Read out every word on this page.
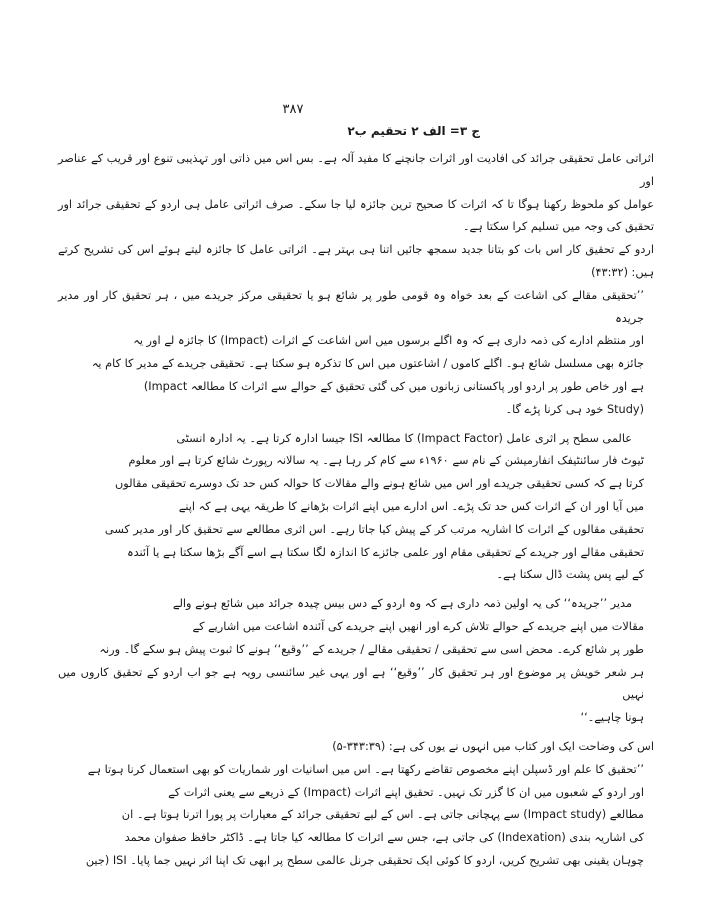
۳۸۷
ج ۳= الف ۲ ‌تحقیم ب۲

اثراتی عامل تحقیقی جرائد کی افادیت اور اثرات جانچنے کا مفید آلہ ہے۔ بس اس میں ذاتی اور تہذیبی تنوع اور قریب کے عناصر اور

عوامل کو ملحوظ رکھنا ہوگا تا کہ اثرات کا صحیح ترین جائزہ لیا جا سکے۔ صرف اثراتی عامل ہی اردو کے تحقیقی جرائد اور تحقیق کی وجہ میں تسلیم کرا سکتا ہے۔

اردو کے تحقیق کار اس بات کو بتانا جدید سمجھ جائیں اتنا ہی بہتر ہے۔ اثراتی عامل کا جائزہ لیتے ہوئے اس کی تشریح کرتے ہیں: (۴۳:۳۲)

’’تحقیقی مقالے کی اشاعت کے بعد خواہ وہ قومی طور پر شائع ہو یا تحقیقی مرکز جریدے میں ، ہر تحقیق کار اور مدیر جریدہ

اور منتظم ادارے کی ذمہ داری ہے کہ وہ اگلے برسوں میں اس اشاعت کے اثرات (Impact) کا جائزہ لے اور یہ

جائزہ بھی مسلسل شائع ہو۔ اگلے کاموں / اشاعتوں میں اس کا تذکرہ ہو سکتا ہے۔ تحقیقی جریدے کے مدیر کا کام یہ

ہے اور خاص طور پر اردو اور پاکستانی زبانوں میں کی گئی تحقیق کے حوالے سے اثرات کا مطالعہ Impact)

(Study خود ہی کرنا پڑے گا۔

عالمی سطح پر اثری عامل (Impact Factor) کا مطالعہ ISI جیسا ادارہ کرتا ہے۔ یہ ادارہ انسٹی

ٹیوٹ فار سائنٹیفک انفارمیشن کے نام سے ۱۹۶۰ء سے کام کر رہا ہے۔ یہ سالانہ رپورٹ شائع کرتا ہے اور معلوم

کرتا ہے کہ کسی تحقیقی جریدے اور اس میں شائع ہونے والے مقالات کا حوالہ کس حد تک دوسرے تحقیقی مقالوں

میں آیا اور ان کے اثرات کس حد تک پڑے۔ اس ادارے میں اپنے اثرات بڑھانے کا طریقہ یہی ہے کہ اپنے

تحقیقی مقالوں کے اثرات کا اشاریہ مرتب کر کے پیش کیا جاتا رہے۔ اس اثری مطالعے سے تحقیق کار اور مدیر کسی

تحقیقی مقالے اور جریدے کے تحقیقی مقام اور علمی جائزے کا اندازہ لگا سکتا ہے اسے آگے بڑھا سکتا ہے یا آئندہ

کے لیے پس پشت ڈال سکتا ہے۔

مدیر ’’جریدہ‘‘ کی یہ اولین ذمہ داری ہے کہ وہ اردو کے دس بیس چیدہ جرائد میں شائع ہونے والے

مقالات میں اپنے جریدے کے حوالے تلاش کرے اور انھیں اپنے جریدے کی آئندہ اشاعت میں اشاریے کے

طور پر شائع کرے۔ محض اسی سے تحقیقی / تحقیقی مقالے / جریدے کے ’’وقیع‘‘ ہونے کا ثبوت پیش ہو سکے گا۔ ورنہ

ہر شعر خویش پر موضوع اور ہر تحقیق کار ’’وقیع‘‘ ہے اور یہی غیر سائنسی رویہ ہے جو اب اردو کے تحقیق کاروں میں نہیں

ہونا چاہیے۔‘‘

اس کی وضاحت ایک اور کتاب میں انہوں نے یوں کی ہے: (۳۴۳:۳۹-۵)

’’تحقیق کا علم اور ڈسپلن اپنے مخصوص تقاضے رکھتا ہے۔ اس میں اسانیات اور شماریات کو بھی استعمال کرنا ہوتا ہے

اور اردو کے شعبوں میں ان کا گزر تک نہیں۔ تحقیق اپنے اثرات (Impact) کے ذریعے سے یعنی اثرات کے

مطالعے (Impact study) سے پہچانی جاتی ہے۔ اس کے لیے تحقیقی جرائد کے معیارات پر پورا اترنا ہوتا ہے۔ ان

کی اشاریہ بندی (Indexation) کی جاتی ہے، جس سے اثرات کا مطالعہ کیا جاتا ہے۔ ڈاکٹر حافظ صفوان محمد

چوہان یقینی بھی تشریح کریں، اردو کا کوئی ایک تحقیقی جرنل عالمی سطح پر ابھی تک اپنا اثر نہیں جما پایا۔ ISI (جین
